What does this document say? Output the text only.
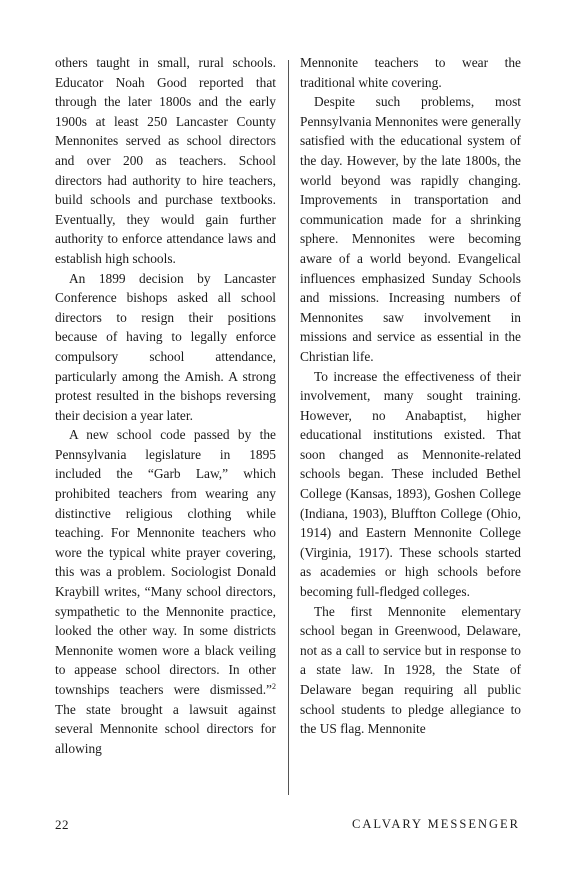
others taught in small, rural schools. Educator Noah Good reported that through the later 1800s and the early 1900s at least 250 Lancaster County Mennonites served as school directors and over 200 as teachers. School directors had authority to hire teachers, build schools and purchase textbooks. Eventually, they would gain further authority to enforce attendance laws and establish high schools.

An 1899 decision by Lancaster Conference bishops asked all school directors to resign their positions because of having to legally enforce compulsory school attendance, particularly among the Amish. A strong protest resulted in the bishops reversing their decision a year later.

A new school code passed by the Pennsylvania legislature in 1895 included the “Garb Law,” which prohibited teachers from wearing any distinctive religious clothing while teaching. For Mennonite teachers who wore the typical white prayer covering, this was a problem. Sociologist Donald Kraybill writes, “Many school directors, sympathetic to the Mennonite practice, looked the other way. In some districts Mennonite women wore a black veiling to appease school directors. In other townships teachers were dismissed.”$^2$ The state brought a lawsuit against several Mennonite school directors for allowing

Mennonite teachers to wear the traditional white covering.

Despite such problems, most Pennsylvania Mennonites were generally satisfied with the educational system of the day. However, by the late 1800s, the world beyond was rapidly changing. Improvements in transportation and communication made for a shrinking sphere. Mennonites were becoming aware of a world beyond. Evangelical influences emphasized Sunday Schools and missions. Increasing numbers of Mennonites saw involvement in missions and service as essential in the Christian life.

To increase the effectiveness of their involvement, many sought training. However, no Anabaptist, higher educational institutions existed. That soon changed as Mennonite-related schools began. These included Bethel College (Kansas, 1893), Goshen College (Indiana, 1903), Bluffton College (Ohio, 1914) and Eastern Mennonite College (Virginia, 1917). These schools started as academies or high schools before becoming full-fledged colleges.

The first Mennonite elementary school began in Greenwood, Delaware, not as a call to service but in response to a state law. In 1928, the State of Delaware began requiring all public school students to pledge allegiance to the US flag. Mennonite

22	CALVARY MESSENGER
